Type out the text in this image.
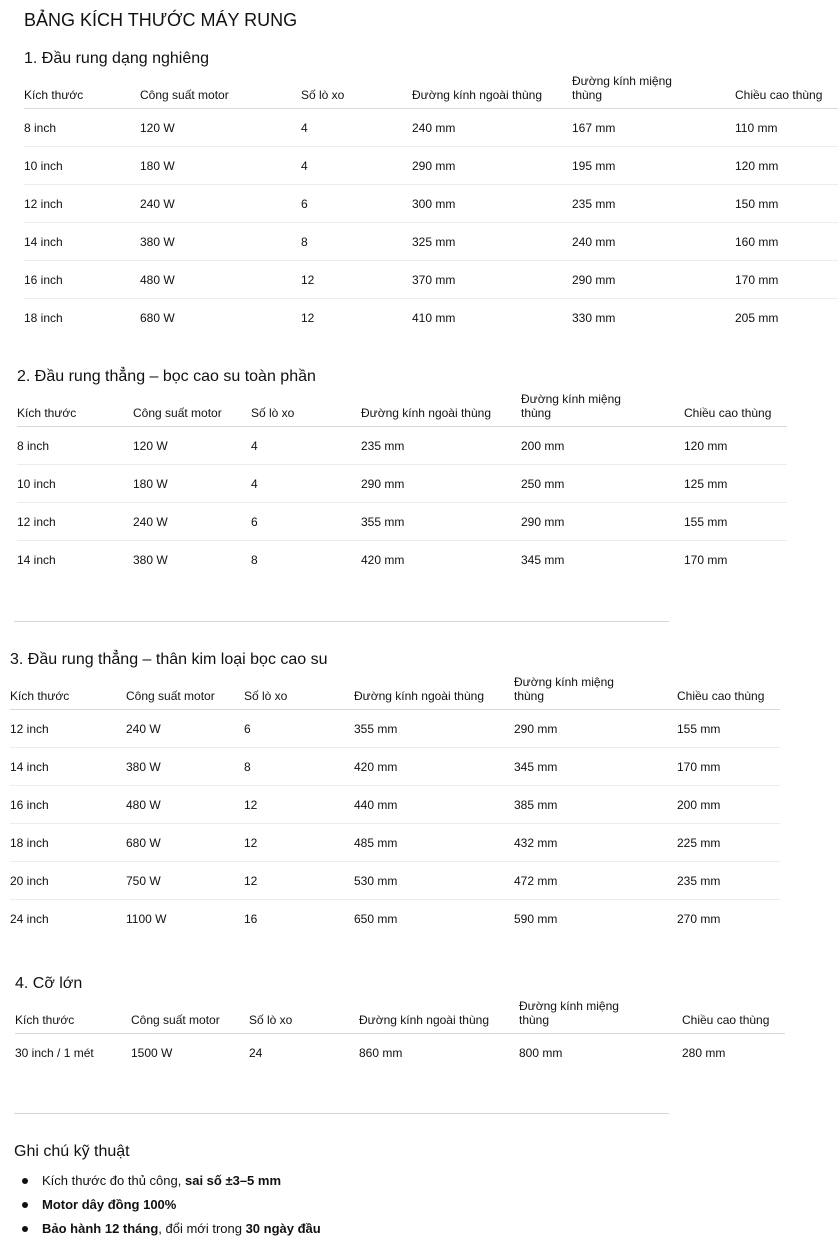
BẢNG KÍCH THƯỚC MÁY RUNG
1. Đầu rung dạng nghiêng
Kích thước	Công suất motor	Số lò xo	Đường kính ngoài thùng	Đường kính miệng thùng	Chiều cao thùng
8 inch	120 W	4	240 mm	167 mm	110 mm
10 inch	180 W	4	290 mm	195 mm	120 mm
12 inch	240 W	6	300 mm	235 mm	150 mm
14 inch	380 W	8	325 mm	240 mm	160 mm
16 inch	480 W	12	370 mm	290 mm	170 mm
18 inch	680 W	12	410 mm	330 mm	205 mm
2. Đầu rung thẳng – bọc cao su toàn phần
Kích thước	Công suất motor	Số lò xo	Đường kính ngoài thùng	Đường kính miệng thùng	Chiều cao thùng
8 inch	120 W	4	235 mm	200 mm	120 mm
10 inch	180 W	4	290 mm	250 mm	125 mm
12 inch	240 W	6	355 mm	290 mm	155 mm
14 inch	380 W	8	420 mm	345 mm	170 mm
3. Đầu rung thẳng – thân kim loại bọc cao su
Kích thước	Công suất motor	Số lò xo	Đường kính ngoài thùng	Đường kính miệng thùng	Chiều cao thùng
12 inch	240 W	6	355 mm	290 mm	155 mm
14 inch	380 W	8	420 mm	345 mm	170 mm
16 inch	480 W	12	440 mm	385 mm	200 mm
18 inch	680 W	12	485 mm	432 mm	225 mm
20 inch	750 W	12	530 mm	472 mm	235 mm
24 inch	1100 W	16	650 mm	590 mm	270 mm
4. Cỡ lớn
Kích thước	Công suất motor	Số lò xo	Đường kính ngoài thùng	Đường kính miệng thùng	Chiều cao thùng
30 inch / 1 mét	1500 W	24	860 mm	800 mm	280 mm
Ghi chú kỹ thuật
Kích thước đo thủ công, sai số ±3–5 mm
Motor dây đồng 100%
Bảo hành 12 tháng, đổi mới trong 30 ngày đầu
